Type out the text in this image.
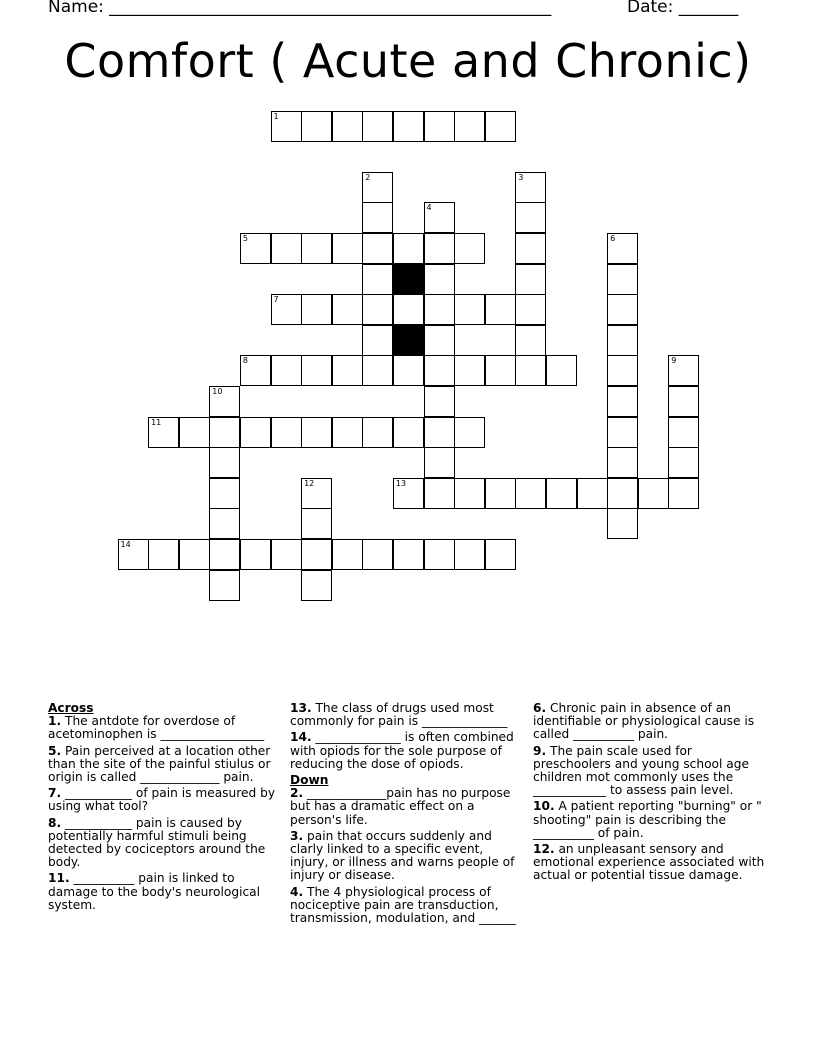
Name: ____________________________________________________	Date: _______
Comfort ( Acute and Chronic)
1
2	3
4
5	6
7
8	9
10
11
12	13
14

Across

1. The antdote for overdose of acetominophen is _________________

5. Pain perceived at a location other than the site of the painful stiulus or origin is called _____________ pain.

7. ___________ of pain is measured by using what tool?

8. ___________ pain is caused by potentially harmful stimuli being detected by cociceptors around the body.

11. __________ pain is linked to damage to the body's neurological system.

13. The class of drugs used most commonly for pain is ______________

14. ______________ is often combined with opiods for the sole purpose of reducing the dose of opiods.

Down

2. _____________pain has no purpose but has a dramatic effect on a person's life.

3. pain that occurs suddenly and clarly linked to a specific event, injury, or illness and warns people of injury or disease.

4. The 4 physiological process of nociceptive pain are transduction, transmission, modulation, and ______

6. Chronic pain in absence of an identifiable or physiological cause is called __________ pain.

9. The pain scale used for preschoolers and young school age children mot commonly uses the ____________ to assess pain level.

10. A patient reporting "burning" or " shooting" pain is describing the __________ of pain.

12. an unpleasant sensory and emotional experience associated with actual or potential tissue damage.
